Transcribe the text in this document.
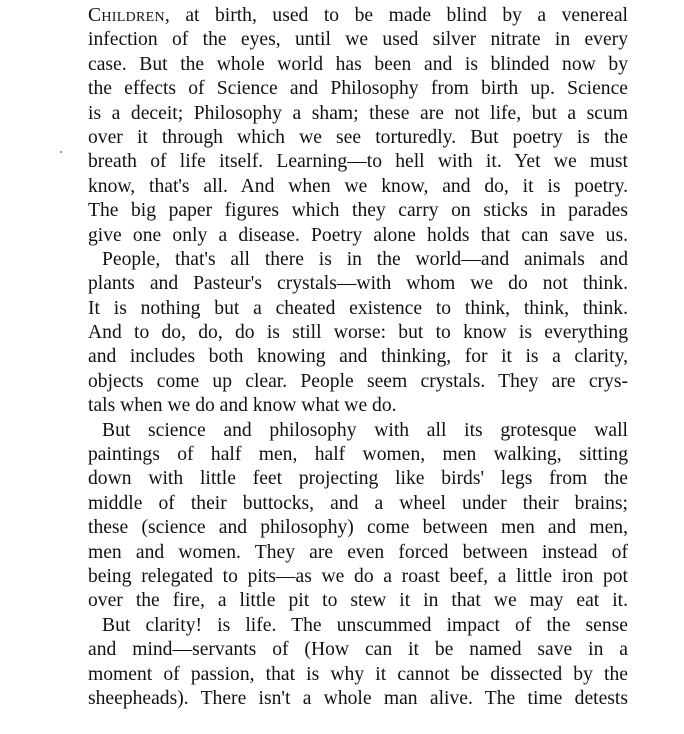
Children, at birth, used to be made blind by a venereal
infection of the eyes, until we used silver nitrate in every
case. But the whole world has been and is blinded now by
the effects of Science and Philosophy from birth up. Science
is a deceit; Philosophy a sham; these are not life, but a scum
over it through which we see torturedly. But poetry is the
breath of life itself. Learning—to hell with it. Yet we must
know, that's all. And when we know, and do, it is poetry.
The big paper figures which they carry on sticks in parades
give one only a disease. Poetry alone holds that can save us.
People, that's all there is in the world—and animals and
plants and Pasteur's crystals—with whom we do not think.
It is nothing but a cheated existence to think, think, think.
And to do, do, do is still worse: but to know is everything
and includes both knowing and thinking, for it is a clarity,
objects come up clear. People seem crystals. They are crys-
tals when we do and know what we do.
But science and philosophy with all its grotesque wall
paintings of half men, half women, men walking, sitting
down with little feet projecting like birds' legs from the
middle of their buttocks, and a wheel under their brains;
these (science and philosophy) come between men and men,
men and women. They are even forced between instead of
being relegated to pits—as we do a roast beef, a little iron pot
over the fire, a little pit to stew it in that we may eat it.
But clarity! is life. The unscummed impact of the sense
and mind—servants of (How can it be named save in a
moment of passion, that is why it cannot be dissected by the
sheepheads). There isn't a whole man alive. The time detests
